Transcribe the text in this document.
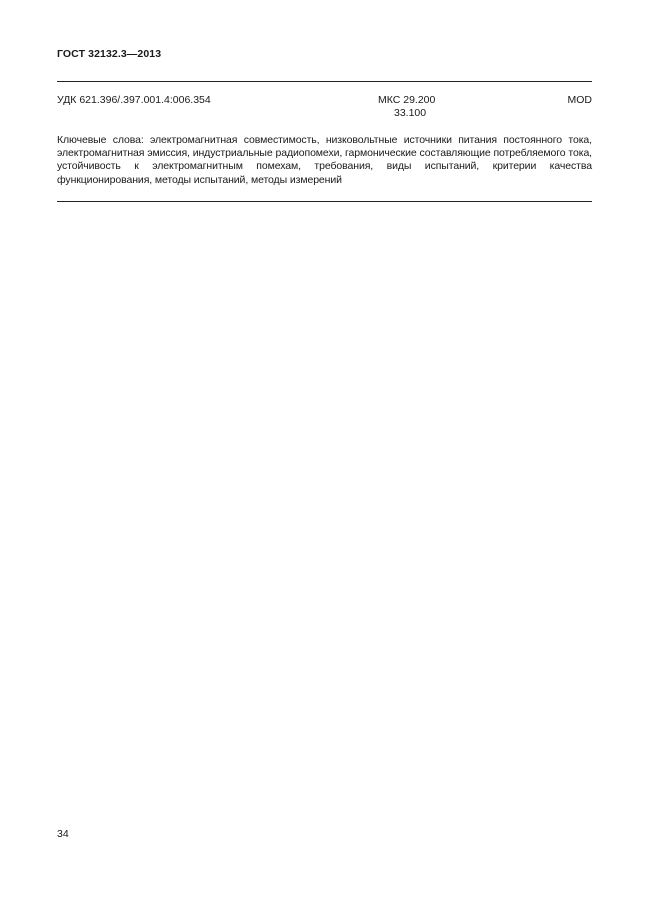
ГОСТ 32132.3—2013
УДК 621.396/.397.001.4:006.354	МКС 29.200
33.100
MOD
Ключевые слова: электромагнитная совместимость, низковольтные источники питания постоянного тока, электромагнитная эмиссия, индустриальные радиопомехи, гармонические составляющие потребляемого тока, устойчивость к электромагнитным помехам, требования, виды испытаний, критерии качества функционирования, методы испытаний, методы измерений
34
